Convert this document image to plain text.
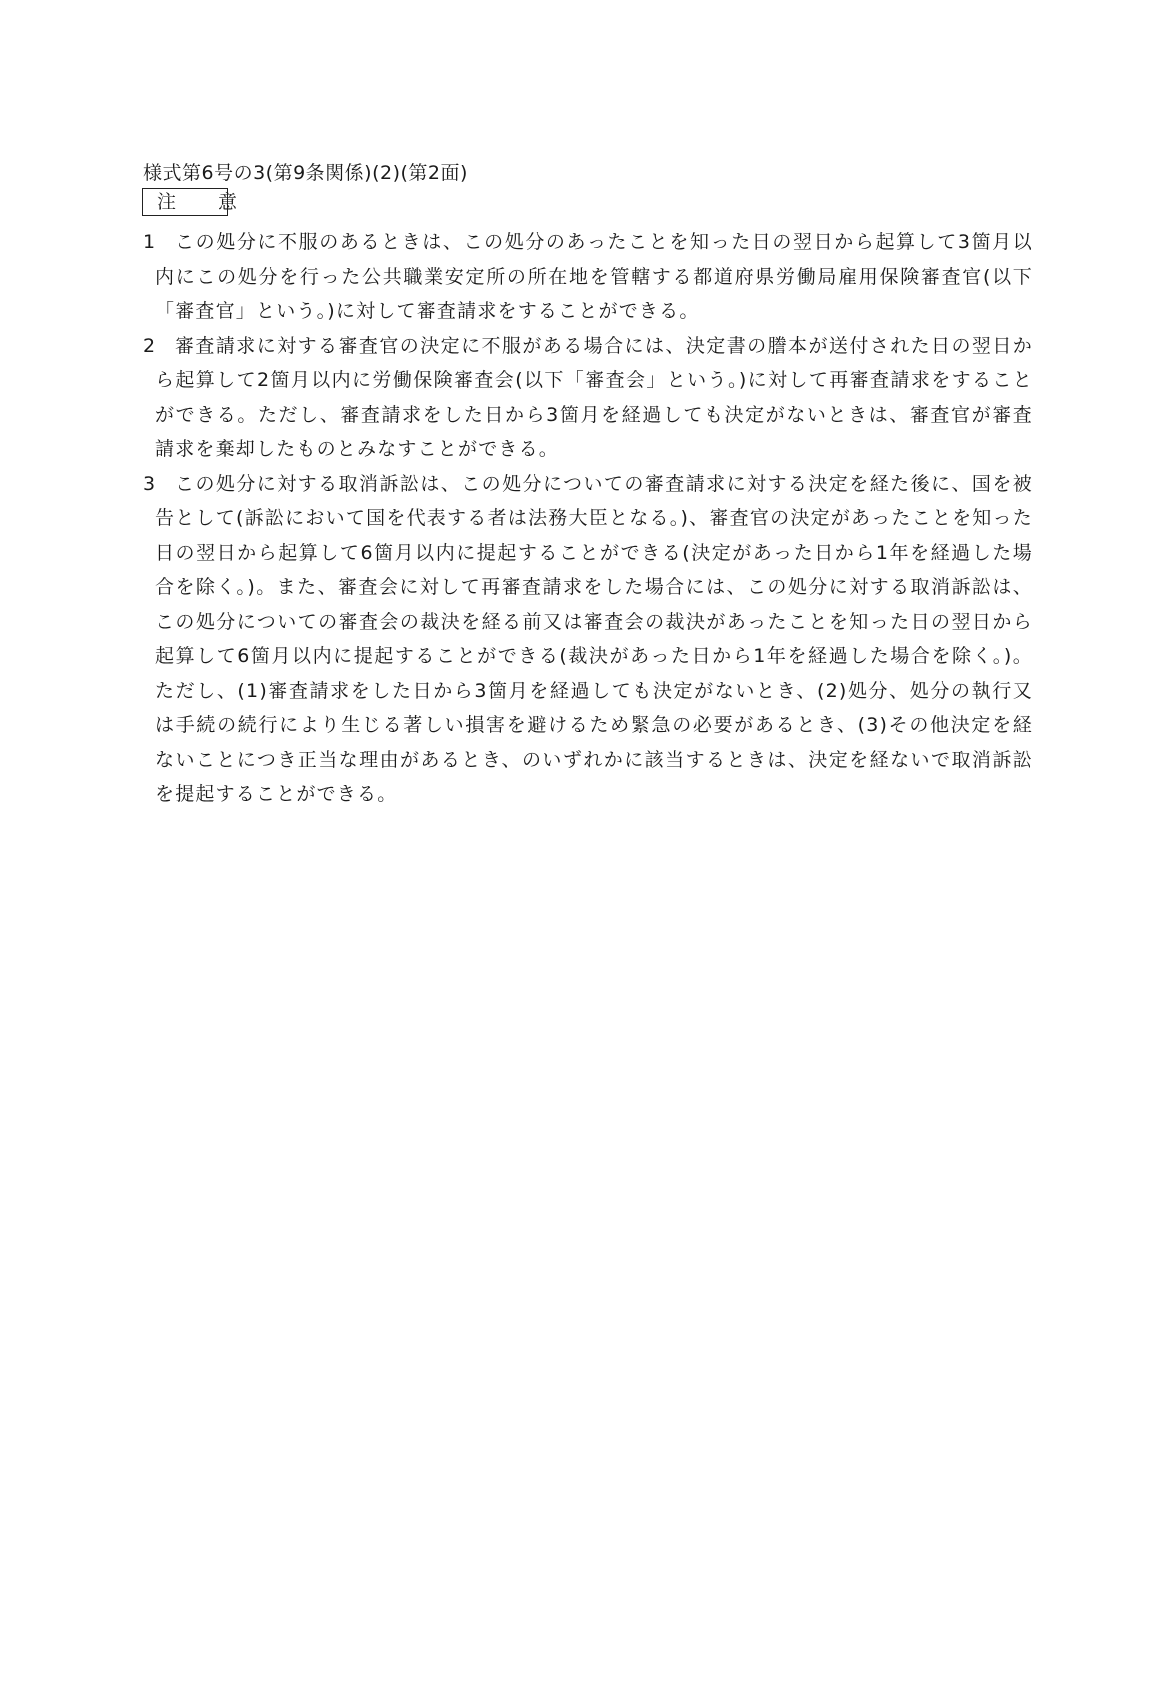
様式第6号の3(第9条関係)(2)(第2面)
注 意
1 この処分に不服のあるときは、この処分のあったことを知った日の翌日から起算して3箇月以内にこの処分を行った公共職業安定所の所在地を管轄する都道府県労働局雇用保険審査官(以下「審査官」という。)に対して審査請求をすることができる。
2 審査請求に対する審査官の決定に不服がある場合には、決定書の謄本が送付された日の翌日から起算して2箇月以内に労働保険審査会(以下「審査会」という。)に対して再審査請求をすることができる。ただし、審査請求をした日から3箇月を経過しても決定がないときは、審査官が審査請求を棄却したものとみなすことができる。
3 この処分に対する取消訴訟は、この処分についての審査請求に対する決定を経た後に、国を被告として(訴訟において国を代表する者は法務大臣となる。)、審査官の決定があったことを知った日の翌日から起算して6箇月以内に提起することができる(決定があった日から1年を経過した場合を除く。)。また、審査会に対して再審査請求をした場合には、この処分に対する取消訴訟は、この処分についての審査会の裁決を経る前又は審査会の裁決があったことを知った日の翌日から起算して6箇月以内に提起することができる(裁決があった日から1年を経過した場合を除く。)。ただし、(1)審査請求をした日から3箇月を経過しても決定がないとき、(2)処分、処分の執行又は手続の続行により生じる著しい損害を避けるため緊急の必要があるとき、(3)その他決定を経ないことにつき正当な理由があるとき、のいずれかに該当するときは、決定を経ないで取消訴訟を提起することができる。
